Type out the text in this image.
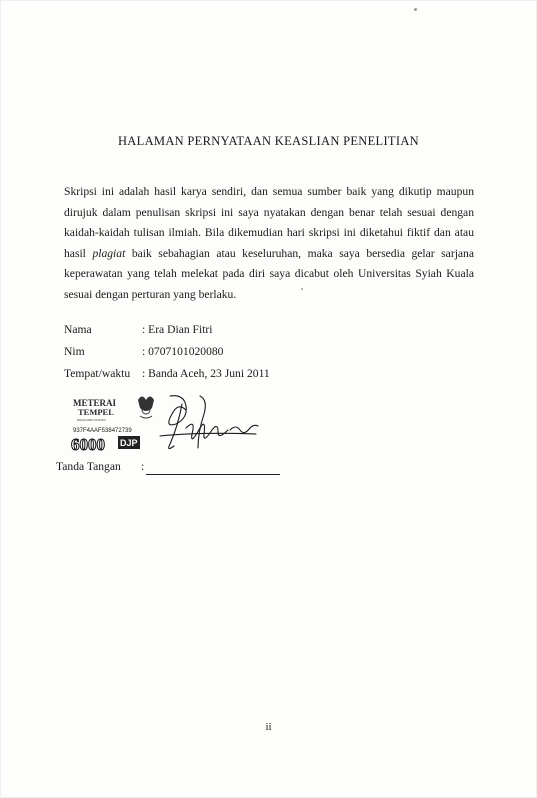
HALAMAN PERNYATAAN KEASLIAN PENELITIAN
Skripsi ini adalah hasil karya sendiri, dan semua sumber baik yang dikutip maupun dirujuk dalam penulisan skripsi ini saya nyatakan dengan benar telah sesuai dengan kaidah-kaidah tulisan ilmiah. Bila dikemudian hari skripsi ini diketahui fiktif dan atau hasil plagiat baik sebahagian atau keseluruhan, maka saya bersedia gelar sarjana keperawatan yang telah melekat pada diri saya dicabut oleh Universitas Syiah Kuala sesuai dengan perturan yang berlaku.
Nama	: Era Dian Fitri
Nim	: 0707101020080
Tempat/waktu	: Banda Aceh, 23 Juni 2011
METERAI
TEMPEL
ENAM RIBU RUPIAH
937F4AAF538472739
6000 DJP
Tanda Tangan :
ii
